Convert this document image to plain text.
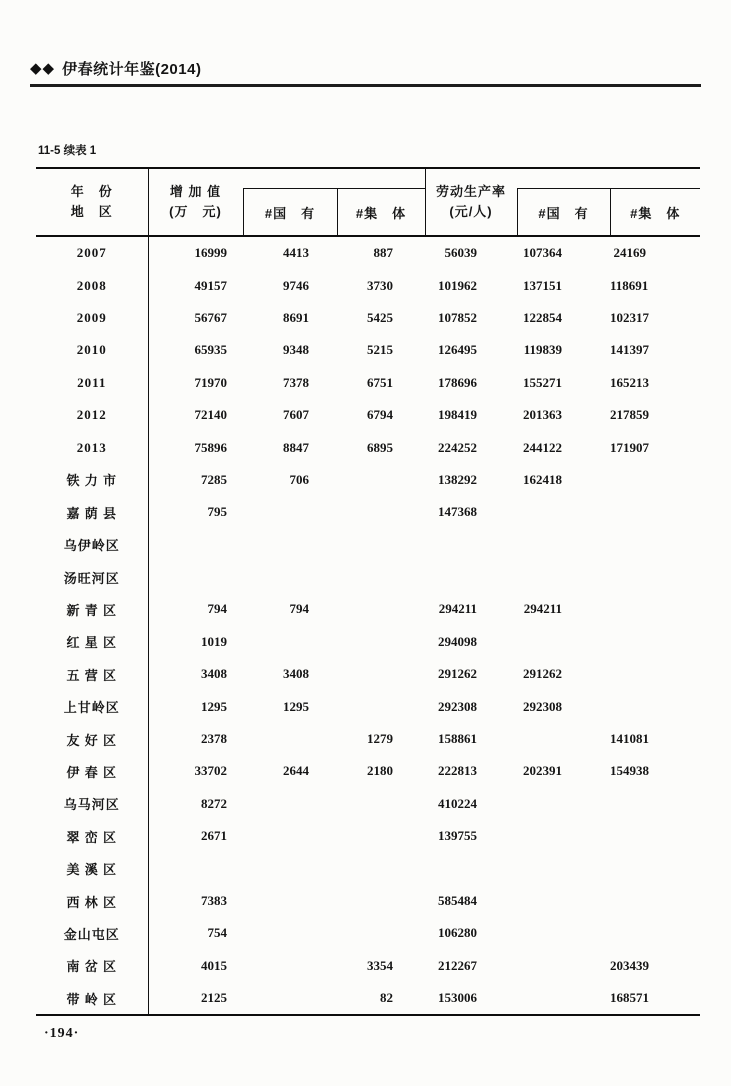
◆◆ 伊春统计年鉴(2014)
11-5 续表 1
年　份
地　区	增 加 值
(万　元)			劳动生产率
(元/人)		

		#国　有	#集　体		#国　有	#集　体
2007	16999	4413	887	56039	107364	24169
2008	49157	9746	3730	101962	137151	118691
2009	56767	8691	5425	107852	122854	102317
2010	65935	9348	5215	126495	119839	141397
2011	71970	7378	6751	178696	155271	165213
2012	72140	7607	6794	198419	201363	217859
2013	75896	8847	6895	224252	244122	171907
铁 力 市	7285	706		138292	162418	
嘉 荫 县	795			147368		
乌伊岭区						
汤旺河区						
新 青 区	794	794		294211	294211	
红 星 区	1019			294098		
五 营 区	3408	3408		291262	291262	
上甘岭区	1295	1295		292308	292308	
友 好 区	2378		1279	158861		141081
伊 春 区	33702	2644	2180	222813	202391	154938
乌马河区	8272			410224		
翠 峦 区	2671			139755		
美 溪 区						
西 林 区	7383			585484		
金山屯区	754			106280		
南 岔 区	4015		3354	212267		203439
带 岭 区	2125		82	153006		168571
·194·
